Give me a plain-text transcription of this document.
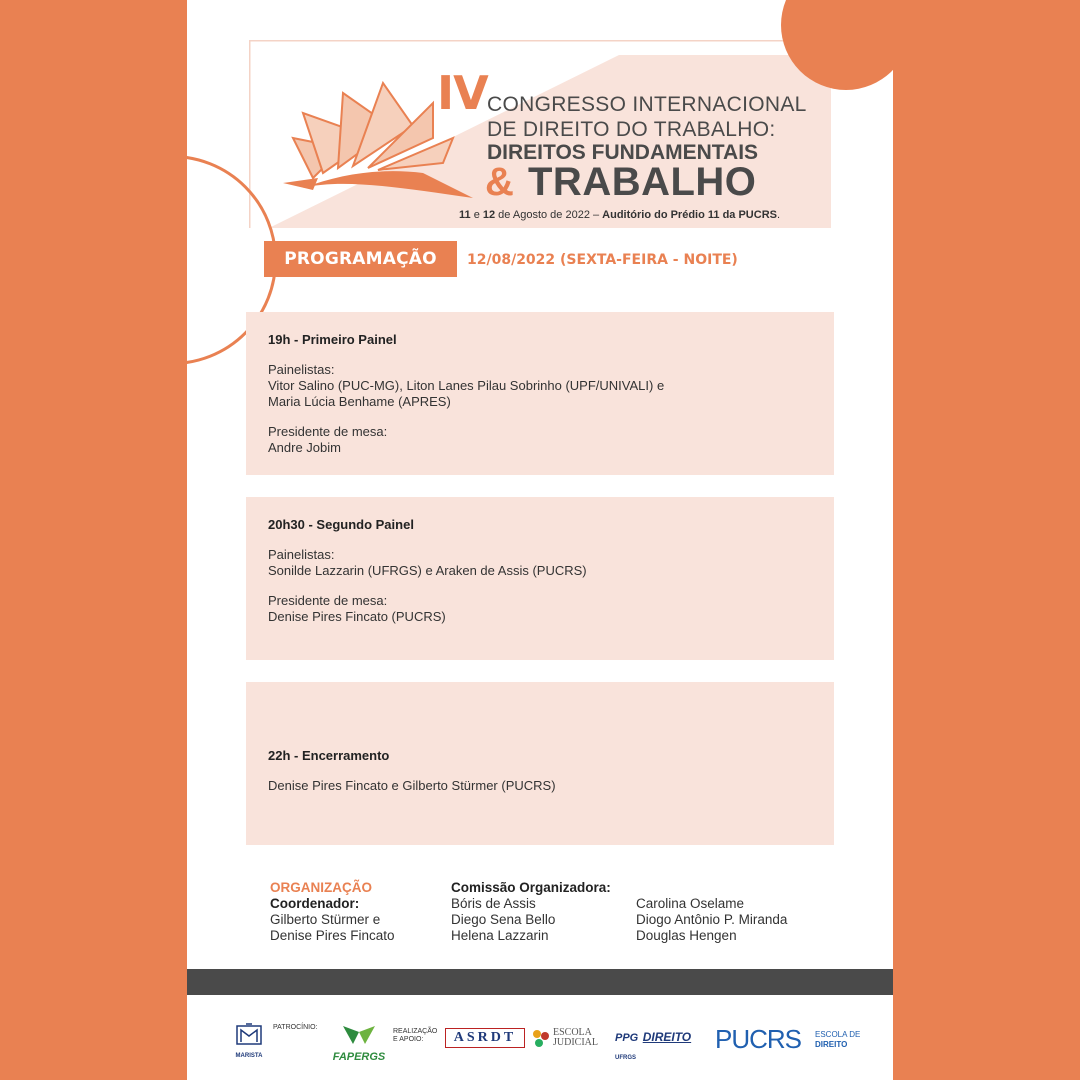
IV CONGRESSO INTERNACIONAL
DE DIREITO DO TRABALHO:
DIREITOS FUNDAMENTAIS
& TRABALHO
11 e 12 de Agosto de 2022 – Auditório do Prédio 11 da PUCRS.
PROGRAMAÇÃO	12/08/2022 (SEXTA-FEIRA - NOITE)
19h - Primeiro Painel
Painelistas:
Vitor Salino (PUC-MG), Liton Lanes Pilau Sobrinho (UPF/UNIVALI) e
Maria Lúcia Benhame (APRES)
Presidente de mesa:
Andre Jobim
20h30 - Segundo Painel
Painelistas:
Sonilde Lazzarin (UFRGS) e Araken de Assis (PUCRS)
Presidente de mesa:
Denise Pires Fincato (PUCRS)
22h - Encerramento
Denise Pires Fincato e Gilberto Stürmer (PUCRS)
ORGANIZAÇÃO
Coordenador:
Gilberto Stürmer e
Denise Pires Fincato
Comissão Organizadora:
Bóris de Assis
Diego Sena Bello
Helena Lazzarin
Carolina Oselame
Diogo Antônio P. Miranda
Douglas Hengen
MARISTA
PATROCÍNIO:
FAPERGS
REALIZAÇÃO
E APOIO:	ASRDT	ESCOLA
JUDICIAL PPG DIREITO UFRGS
PUCRS ESCOLA DE
DIREITO
